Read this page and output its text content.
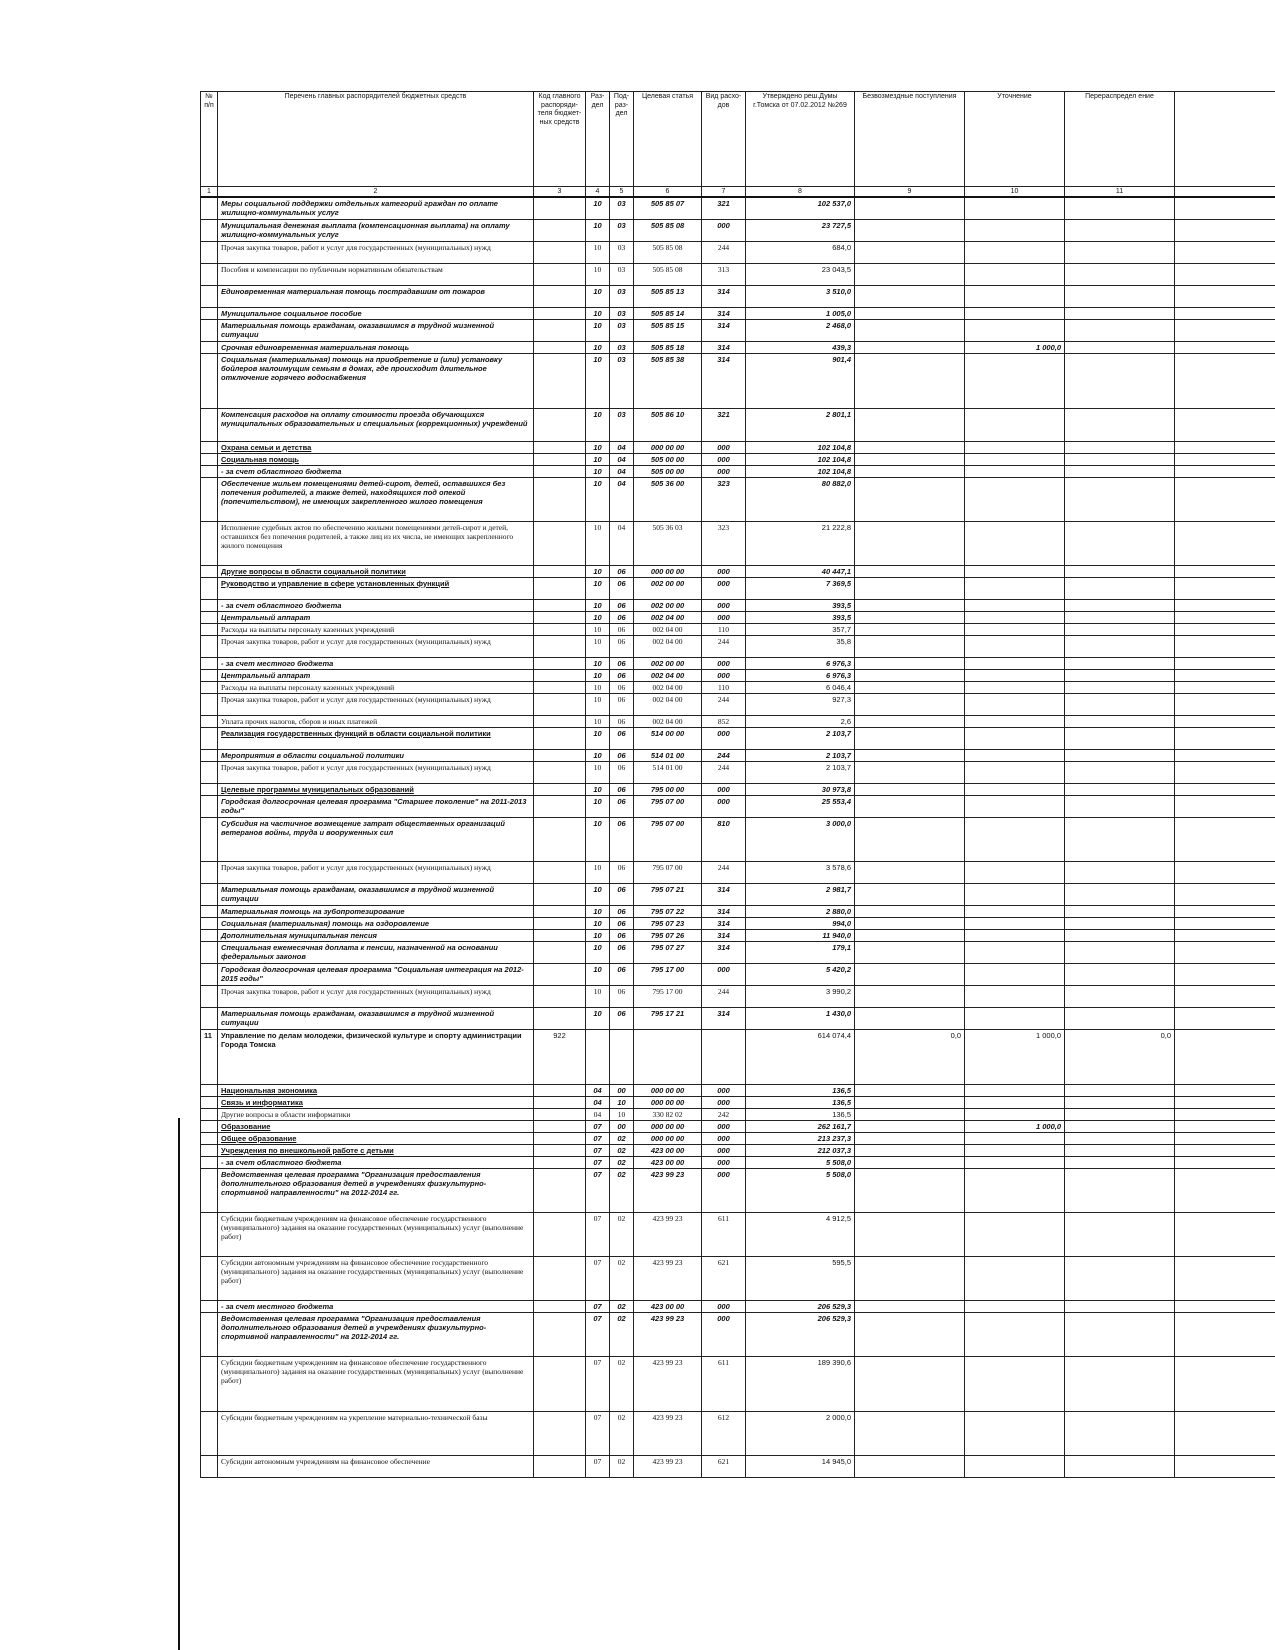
№ п/п	Перечень главных распорядителей бюджетных средств	Код главного распоряди-теля бюджет-ных средств	Раз-дел	Под-раз-дел	Целевая статья	Вид расхо-дов	Утверждено реш.Думы г.Томска от 07.02.2012 №269	Безвозмездные поступления	Уточнение	Перераспредел ение	
1	2	3	4	5	6	7	8	9	10	11	
	Меры социальной поддержки отдельных категорий граждан по оплате жилищно-коммунальных услуг		10	03	505 85 07	321	102 537,0				
	Муниципальная денежная выплата (компенсационная выплата) на оплату жилищно-коммунальных услуг		10	03	505 85 08	000	23 727,5				
	Прочая закупка товаров, работ и услуг для государственных (муниципальных) нужд		10	03	505 85 08	244	684,0				
	Пособия и компенсации по публичным нормативным обязательствам		10	03	505 85 08	313	23 043,5				
	Единовременная материальная помощь пострадавшим от пожаров		10	03	505 85 13	314	3 510,0				
	Муниципальное социальное пособие		10	03	505 85 14	314	1 005,0				
	Материальная помощь гражданам, оказавшимся в трудной жизненной ситуации		10	03	505 85 15	314	2 468,0				
	Срочная единовременная материальная помощь		10	03	505 85 18	314	439,3		1 000,0		
	Социальная (материальная) помощь на приобретение и (или) установку бойлеров малоимущим семьям в домах, где происходит длительное отключение горячего водоснабжения		10	03	505 85 38	314	901,4				
	Компенсация расходов на оплату стоимости проезда обучающихся муниципальных образовательных и специальных (коррекционных) учреждений		10	03	505 86 10	321	2 801,1				
	Охрана семьи и детства		10	04	000 00 00	000	102 104,8				
	Социальная помощь		10	04	505 00 00	000	102 104,8				
	- за счет областного бюджета		10	04	505 00 00	000	102 104,8				
	Обеспечение жильем помещениями детей-сирот, детей, оставшихся без попечения родителей, а также детей, находящихся под опекой (попечительством), не имеющих закрепленного жилого помещения		10	04	505 36 00	323	80 882,0				
	Исполнение судебных актов по обеспечению жилыми помещениями детей-сирот и детей, оставшихся без попечения родителей, а также лиц из их числа, не имеющих закрепленного жилого помещения		10	04	505 36 03	323	21 222,8				
	Другие вопросы в области социальной политики		10	06	000 00 00	000	40 447,1				
	Руководство и управление в сфере установленных функций		10	06	002 00 00	000	7 369,5				
	- за счет областного бюджета		10	06	002 00 00	000	393,5				
	Центральный аппарат		10	06	002 04 00	000	393,5				
	Расходы на выплаты персоналу казенных учреждений		10	06	002 04 00	110	357,7				
	Прочая закупка товаров, работ и услуг для государственных (муниципальных) нужд		10	06	002 04 00	244	35,8				
	- за счет местного бюджета		10	06	002 00 00	000	6 976,3				
	Центральный аппарат		10	06	002 04 00	000	6 976,3				
	Расходы на выплаты персоналу казенных учреждений		10	06	002 04 00	110	6 046,4				
	Прочая закупка товаров, работ и услуг для государственных (муниципальных) нужд		10	06	002 04 00	244	927,3				
	Уплата прочих налогов, сборов и иных платежей		10	06	002 04 00	852	2,6				
	Реализация государственных функций в области социальной политики		10	06	514 00 00	000	2 103,7				
	Мероприятия в области социальной политики		10	06	514 01 00	244	2 103,7				
	Прочая закупка товаров, работ и услуг для государственных (муниципальных) нужд		10	06	514 01 00	244	2 103,7				
	Целевые программы муниципальных образований		10	06	795 00 00	000	30 973,8				
	Городская долгосрочная целевая программа "Старшее поколение" на 2011-2013 годы"		10	06	795 07 00	000	25 553,4				
	Субсидия на частичное возмещение затрат общественных организаций ветеранов войны, труда и вооруженных сил		10	06	795 07 00	810	3 000,0				
	Прочая закупка товаров, работ и услуг для государственных (муниципальных) нужд		10	06	795 07 00	244	3 578,6				
	Материальная помощь гражданам, оказавшимся в трудной жизненной ситуации		10	06	795 07 21	314	2 981,7				
	Материальная помощь на зубопротезирование		10	06	795 07 22	314	2 880,0				
	Социальная (материальная) помощь на оздоровление		10	06	795 07 23	314	994,0				
	Дополнительная муниципальная пенсия		10	06	795 07 26	314	11 940,0				
	Специальная ежемесячная доплата к пенсии, назначенной на основании федеральных законов		10	06	795 07 27	314	179,1				
	Городская долгосрочная целевая программа "Социальная интеграция на 2012-2015 годы"		10	06	795 17 00	000	5 420,2				
	Прочая закупка товаров, работ и услуг для государственных (муниципальных) нужд		10	06	795 17 00	244	3 990,2				
	Материальная помощь гражданам, оказавшимся в трудной жизненной ситуации		10	06	795 17 21	314	1 430,0				
11	Управление по делам молодежи, физической культуре и спорту администрации Города Томска	922					614 074,4	0,0	1 000,0	0,0	
	Национальная экономика		04	00	000 00 00	000	136,5				
	Связь и информатика		04	10	000 00 00	000	136,5				
	Другие вопросы в области информатики		04	10	330 82 02	242	136,5				
	Образование		07	00	000 00 00	000	262 161,7		1 000,0		
	Общее образование		07	02	000 00 00	000	213 237,3				
	Учреждения по внешкольной работе с детьми		07	02	423 00 00	000	212 037,3				
	- за счет областного бюджета		07	02	423 00 00	000	5 508,0				
	Ведомственная целевая программа "Организация предоставления дополнительного образования детей в учреждениях физкультурно-спортивной направленности" на 2012-2014 гг.		07	02	423 99 23	000	5 508,0				
	Субсидии бюджетным учреждениям на финансовое обеспечение государственного (муниципального) задания на оказание государственных (муниципальных) услуг (выполнение работ)		07	02	423 99 23	611	4 912,5				
	Субсидии автономным учреждениям на финансовое обеспечение государственного (муниципального) задания на оказание государственных (муниципальных) услуг (выполнение работ)		07	02	423 99 23	621	595,5				
	- за счет местного бюджета		07	02	423 00 00	000	206 529,3				
	Ведомственная целевая программа "Организация предоставления дополнительного образования детей в учреждениях физкультурно-спортивной направленности" на 2012-2014 гг.		07	02	423 99 23	000	206 529,3				
	Субсидии бюджетным учреждениям на финансовое обеспечение государственного (муниципального) задания на оказание государственных (муниципальных) услуг (выполнение работ)		07	02	423 99 23	611	189 390,6				
	Субсидии бюджетным учреждениям на укрепление материально-технической базы		07	02	423 99 23	612	2 000,0				
	Субсидии автономным учреждениям на финансовое обеспечение		07	02	423 99 23	621	14 945,0				
